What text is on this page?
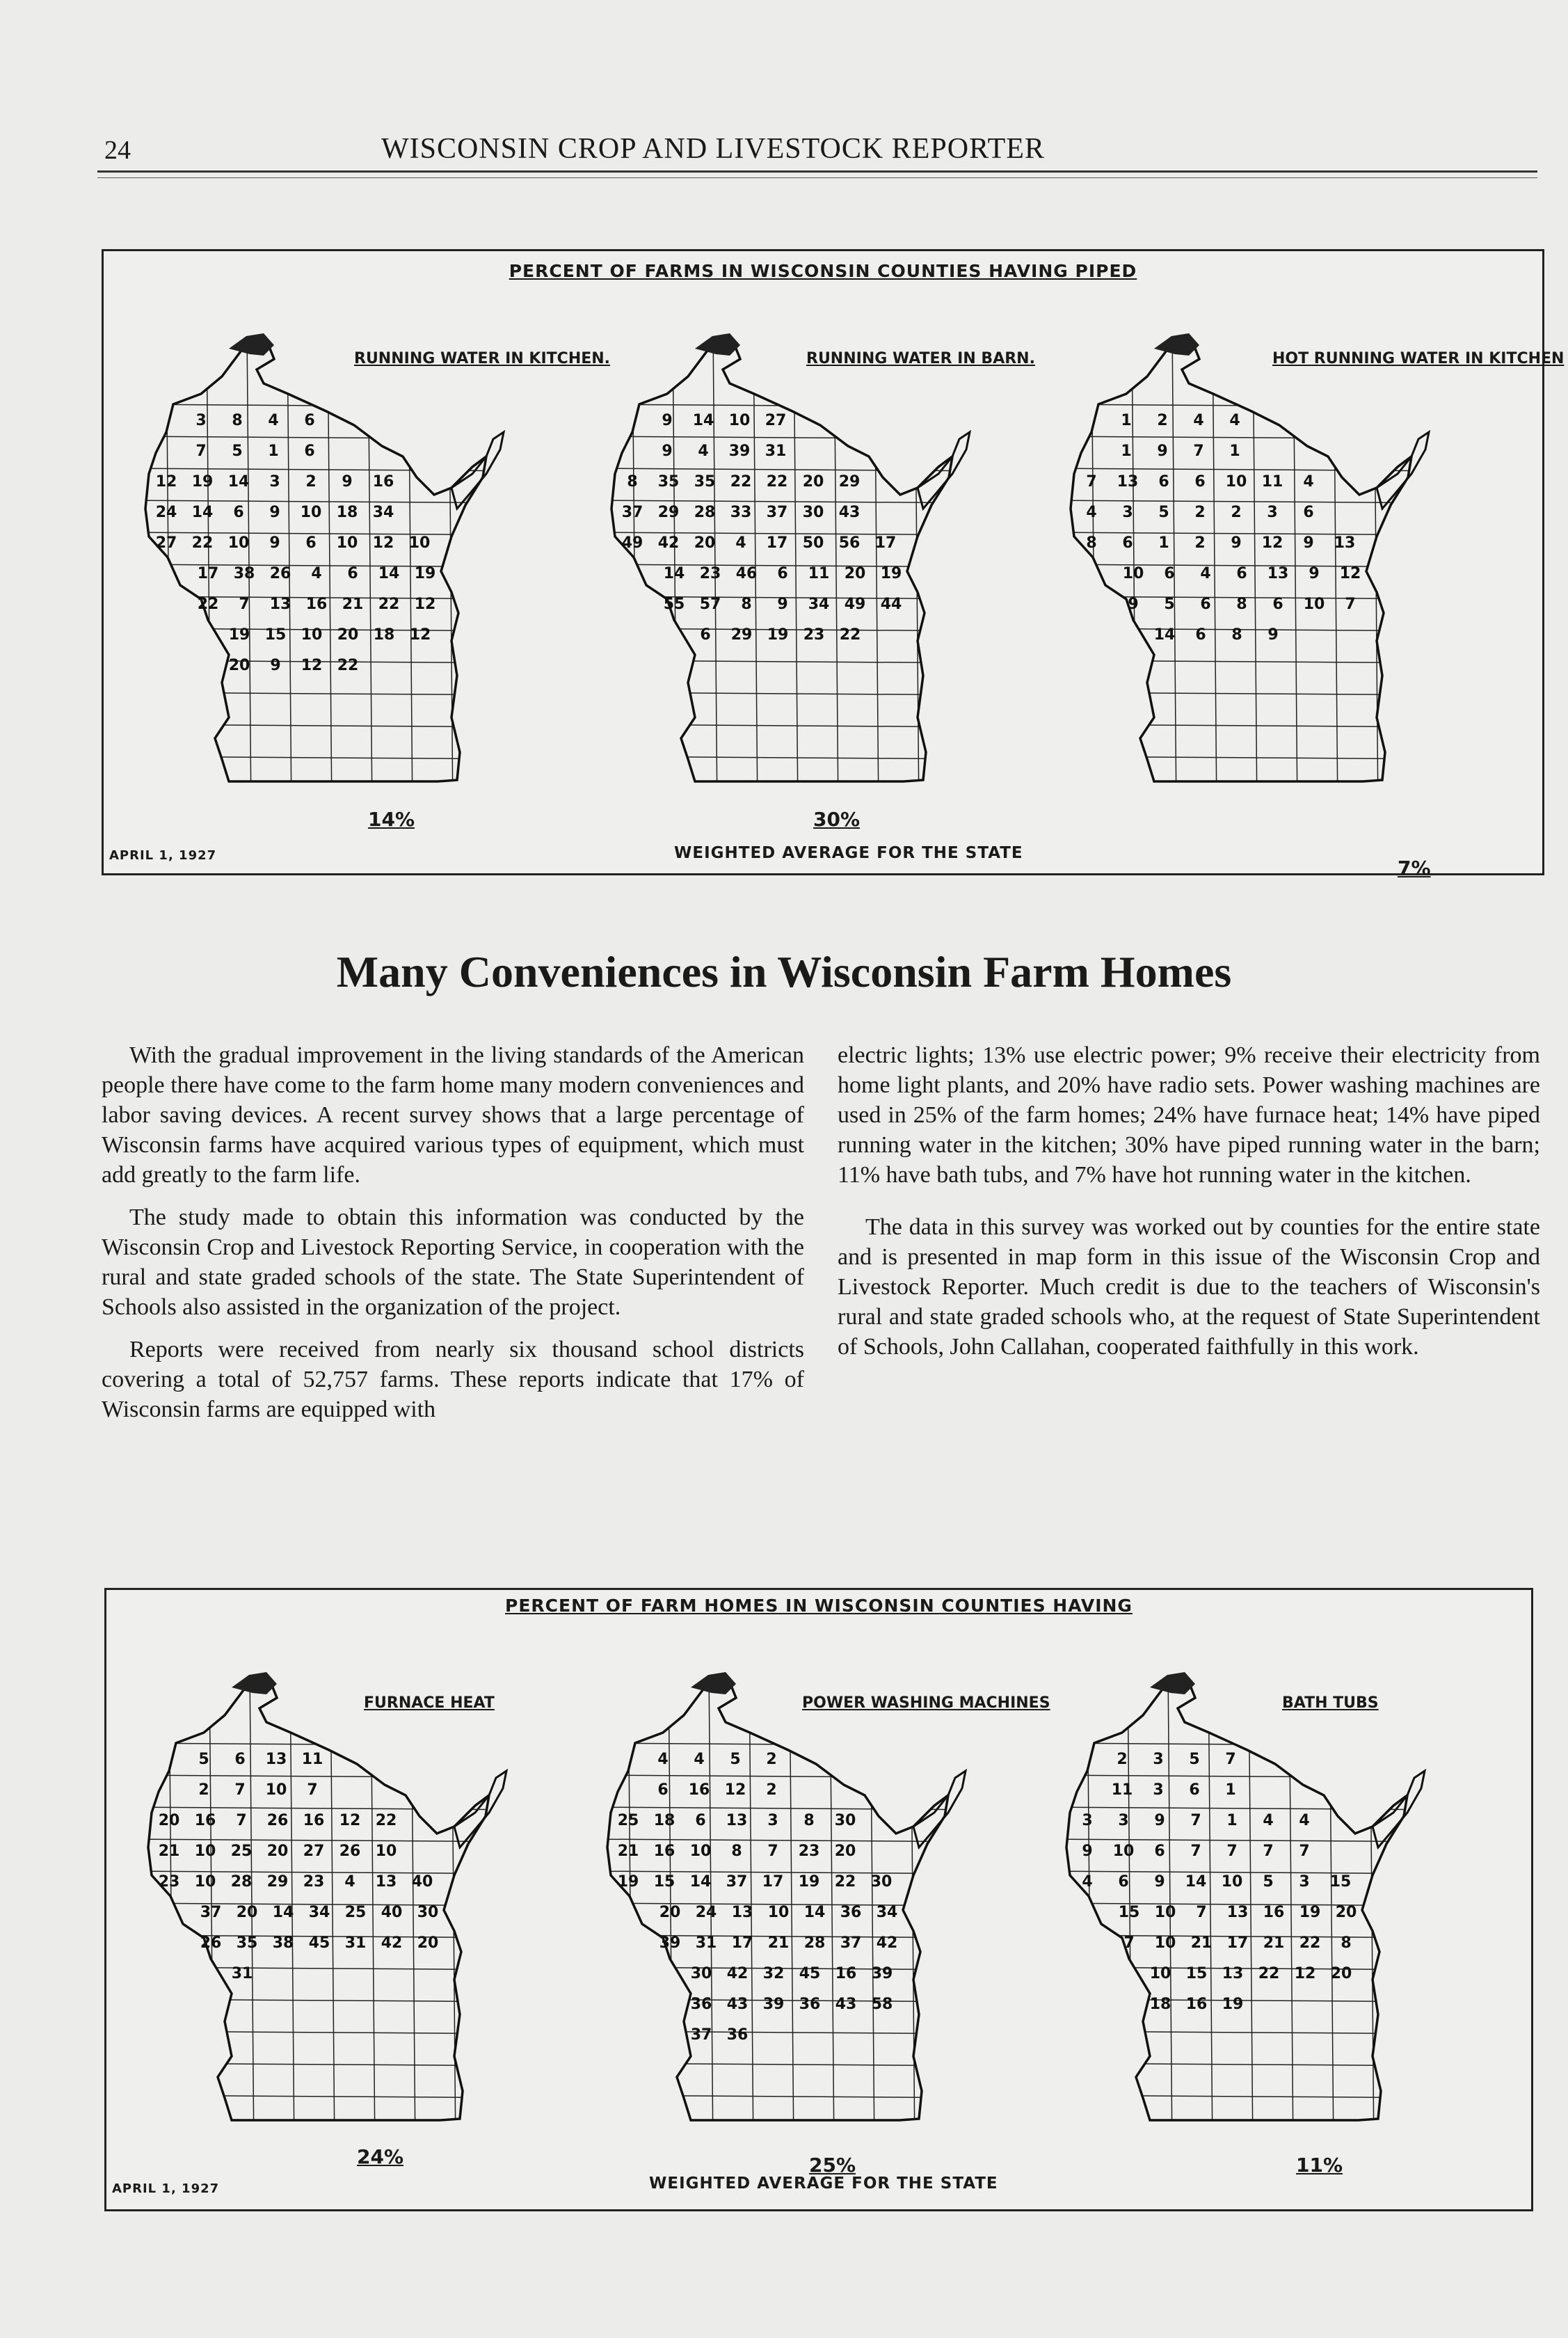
24	WISCONSIN CROP AND LIVESTOCK REPORTER
PERCENT OF FARMS IN WISCONSIN COUNTIES HAVING PIPED
3 8 4 6
7 5 1 6
12 19 14 3 2 9 16
24 14 6 9 10 18 34
27 22 10 9 6 10 12 10
17 38 26 4 6 14 19
22 7 13 16 21 22 12
19 15 10 20 18 12
20 9 12 22
RUNNING WATER IN KITCHEN.
14%
9 14 10 27
9 4 39 31
8 35 35 22 22 20 29
37 29 28 33 37 30 43
49 42 20 4 17 50 56 17
14 23 46 6 11 20 19
55 57 8 9 34 49 44
6 29 19 23 22
RUNNING WATER IN BARN.
30%
1 2 4 4
1 9 7 1
7 13 6 6 10 11 4
4 3 5 2 2 3 6
8 6 1 2 9 12 9 13
10 6 4 6 13 9 12
9 5 6 8 6 10 7
14 6 8 9
HOT RUNNING WATER IN KITCHEN
7%
APRIL 1, 1927	WEIGHTED AVERAGE FOR THE STATE
Many Conveniences in Wisconsin Farm Homes

With the gradual improvement in the living standards of the American people there have come to the farm home many modern conveniences and labor saving devices. A recent survey shows that a large percentage of Wisconsin farms have acquired various types of equipment, which must add greatly to the farm life.

The study made to obtain this information was conducted by the Wisconsin Crop and Livestock Reporting Service, in cooperation with the rural and state graded schools of the state. The State Superintendent of Schools also assisted in the organization of the project.

Reports were received from nearly six thousand school districts covering a total of 52,757 farms. These reports indicate that 17% of Wisconsin farms are equipped with

electric lights; 13% use electric power; 9% receive their electricity from home light plants, and 20% have radio sets. Power washing machines are used in 25% of the farm homes; 24% have furnace heat; 14% have piped running water in the kitchen; 30% have piped running water in the barn; 11% have bath tubs, and 7% have hot running water in the kitchen.

The data in this survey was worked out by counties for the entire state and is presented in map form in this issue of the Wisconsin Crop and Livestock Reporter. Much credit is due to the teachers of Wisconsin's rural and state graded schools who, at the request of State Superintendent of Schools, John Callahan, cooperated faithfully in this work.

PERCENT OF FARM HOMES IN WISCONSIN COUNTIES HAVING
5 6 13 11
2 7 10 7
20 16 7 26 16 12 22
21 10 25 20 27 26 10
23 10 28 29 23 4 13 40
37 20 14 34 25 40 30
26 35 38 45 31 42 20
31
FURNACE HEAT
24%
4 4 5 2
6 16 12 2
25 18 6 13 3 8 30
21 16 10 8 7 23 20
19 15 14 37 17 19 22 30
20 24 13 10 14 36 34
39 31 17 21 28 37 42
30 42 32 45 16 39
36 43 39 36 43 58
37 36
POWER WASHING MACHINES
25%
2 3 5 7
11 3 6 1
3 3 9 7 1 4 4
9 10 6 7 7 7 7
4 6 9 14 10 5 3 15
15 10 7 13 16 19 20
7 10 21 17 21 22 8
10 15 13 22 12 20
18 16 19
BATH TUBS
11%
APRIL 1, 1927	WEIGHTED AVERAGE FOR THE STATE
